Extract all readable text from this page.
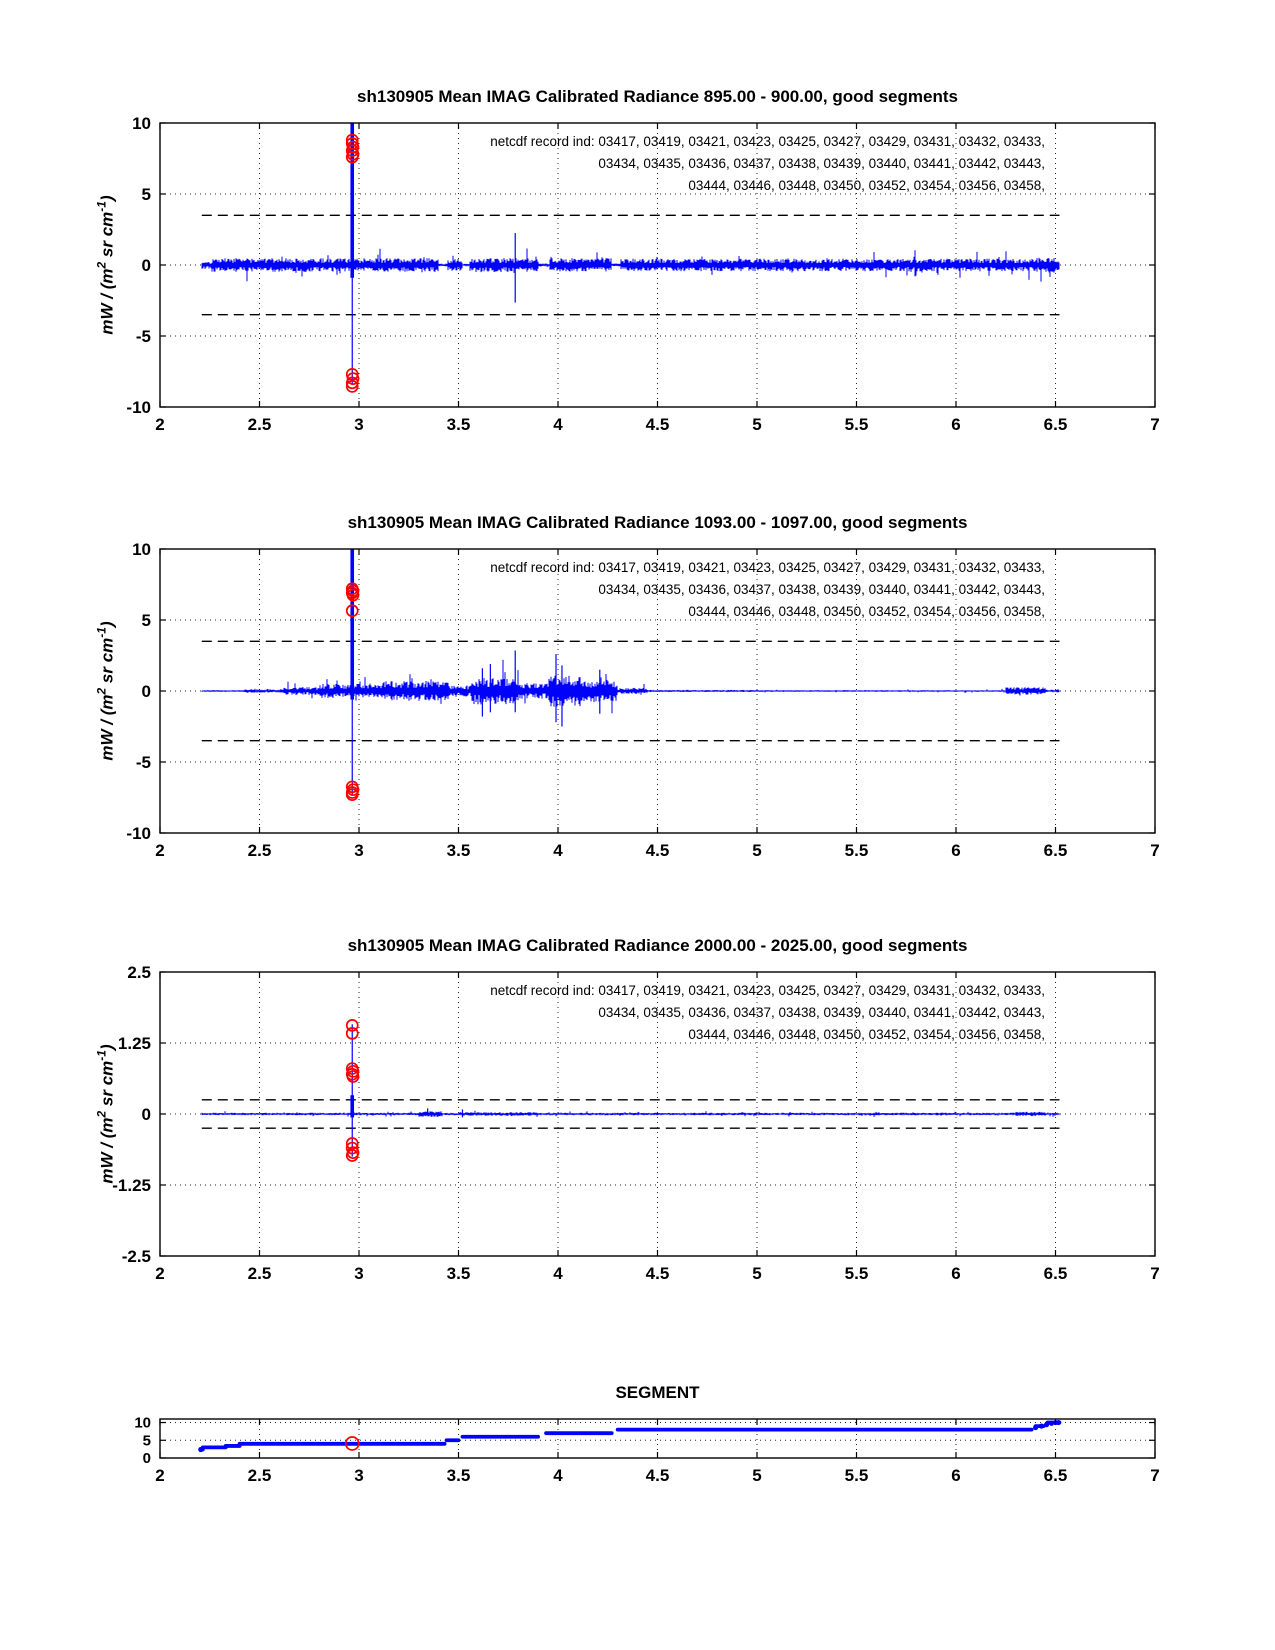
2	2.5	3	3.5	4	4.5	5	5.5	6	6.5	7
-10
-5
0
5
10
2	2.5	3	3.5	4	4.5	5	5.5	6	6.5	7
-10
-5
0
5
10
2	2.5	3	3.5	4	4.5	5	5.5	6	6.5	7
-2.5
-1.25
0
1.25
2.5
2	2.5	3	3.5	4	4.5	5	5.5	6	6.5	7
0
5
10
sh130905 Mean IMAG Calibrated Radiance 895.00 - 900.00, good segments
sh130905 Mean IMAG Calibrated Radiance 1093.00 - 1097.00, good segments
sh130905 Mean IMAG Calibrated Radiance 2000.00 - 2025.00, good segments
SEGMENT
netcdf record ind: 03417, 03419, 03421, 03423, 03425, 03427, 03429, 03431, 03432, 03433,
03434, 03435, 03436, 03437, 03438, 03439, 03440, 03441, 03442, 03443,
03444, 03446, 03448, 03450, 03452, 03454, 03456, 03458,
netcdf record ind: 03417, 03419, 03421, 03423, 03425, 03427, 03429, 03431, 03432, 03433,
03434, 03435, 03436, 03437, 03438, 03439, 03440, 03441, 03442, 03443,
03444, 03446, 03448, 03450, 03452, 03454, 03456, 03458,
netcdf record ind: 03417, 03419, 03421, 03423, 03425, 03427, 03429, 03431, 03432, 03433,
03434, 03435, 03436, 03437, 03438, 03439, 03440, 03441, 03442, 03443,
03444, 03446, 03448, 03450, 03452, 03454, 03456, 03458,
mW / ($m^2$ sr $cm^{-1}$)
mW / ($m^2$ sr $cm^{-1}$)
mW / ($m^2$ sr $cm^{-1}$)
